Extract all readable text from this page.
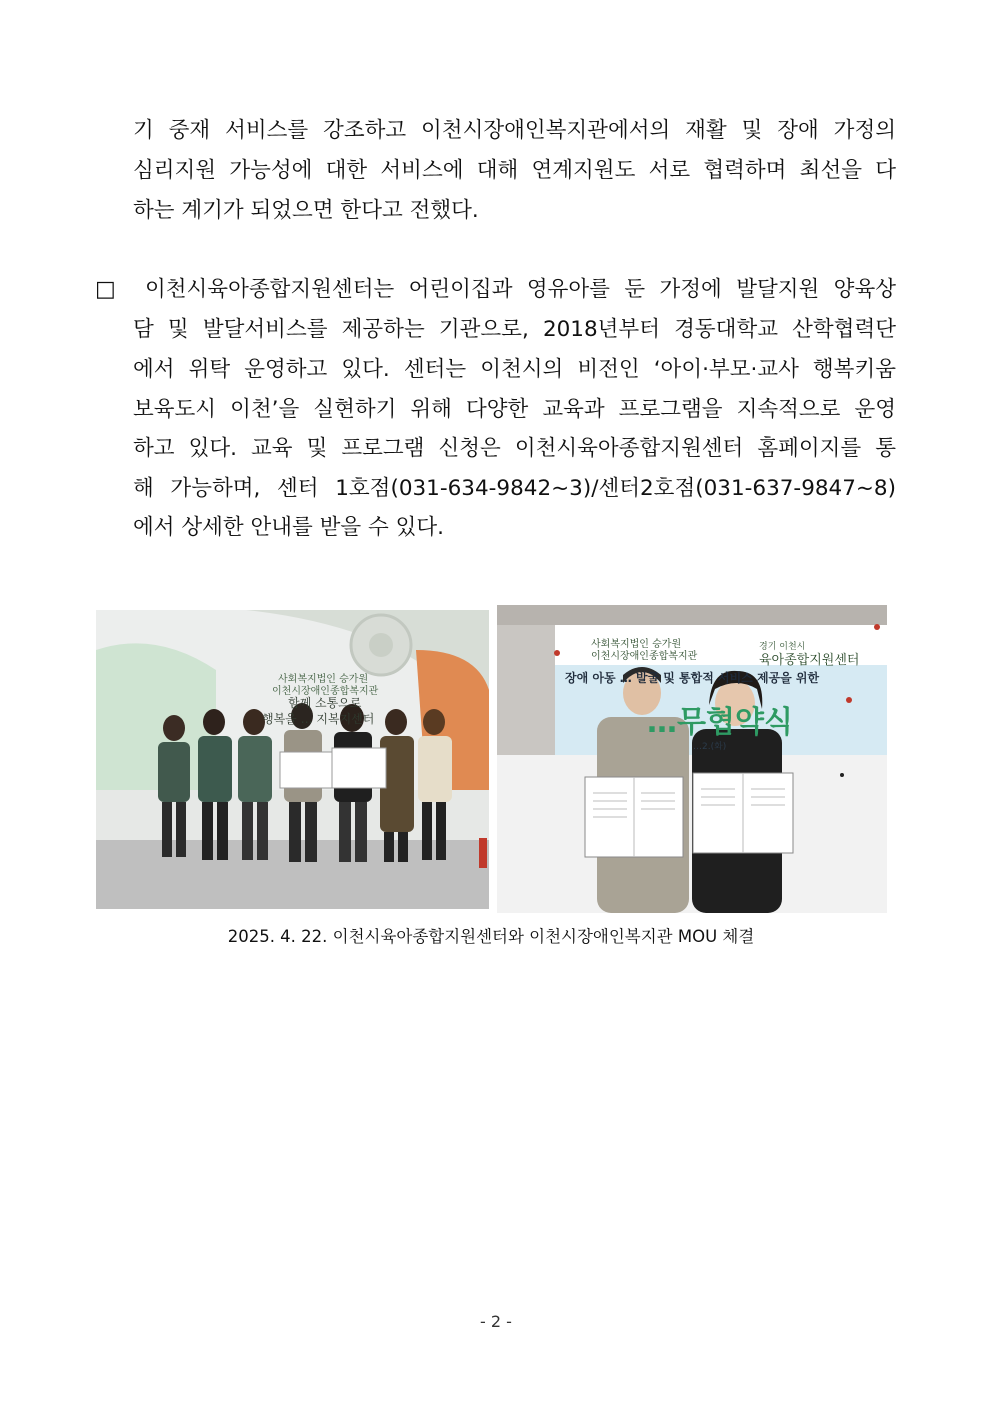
기 중재 서비스를 강조하고 이천시장애인복지관에서의 재활 및 장애 가정의
심리지원 가능성에 대한 서비스에 대해 연계지원도 서로 협력하며 최선을 다
하는 계기가 되었으면 한다고 전했다.
□ 이천시육아종합지원센터는 어린이집과 영유아를 둔 가정에 발달지원 양육상
담 및 발달서비스를 제공하는 기관으로, 2018년부터 경동대학교 산학협력단
에서 위탁 운영하고 있다. 센터는 이천시의 비전인 ‘아이·부모·교사 행복키움
보육도시 이천’을 실현하기 위해 다양한 교육과 프로그램을 지속적으로 운영
하고 있다. 교육 및 프로그램 신청은 이천시육아종합지원센터 홈페이지를 통
해 가능하며, 센터 1호점(031-634-9842~3)/센터2호점(031-637-9847~8)
에서 상세한 안내를 받을 수 있다.
사회복지법인 승가원
이천시장애인종합복지관
함께 소통으로
행복을 … 지복지센터
사회복지법인 승가원
이천시장애인종합복지관
경기 이천시
육아종합지원센터
장애 아동 … 발굴 및 통합적 서비스 제공을 위한
…무협약식
…2.(화)
2025. 4. 22. 이천시육아종합지원센터와 이천시장애인복지관 MOU 체결
- 2 -
